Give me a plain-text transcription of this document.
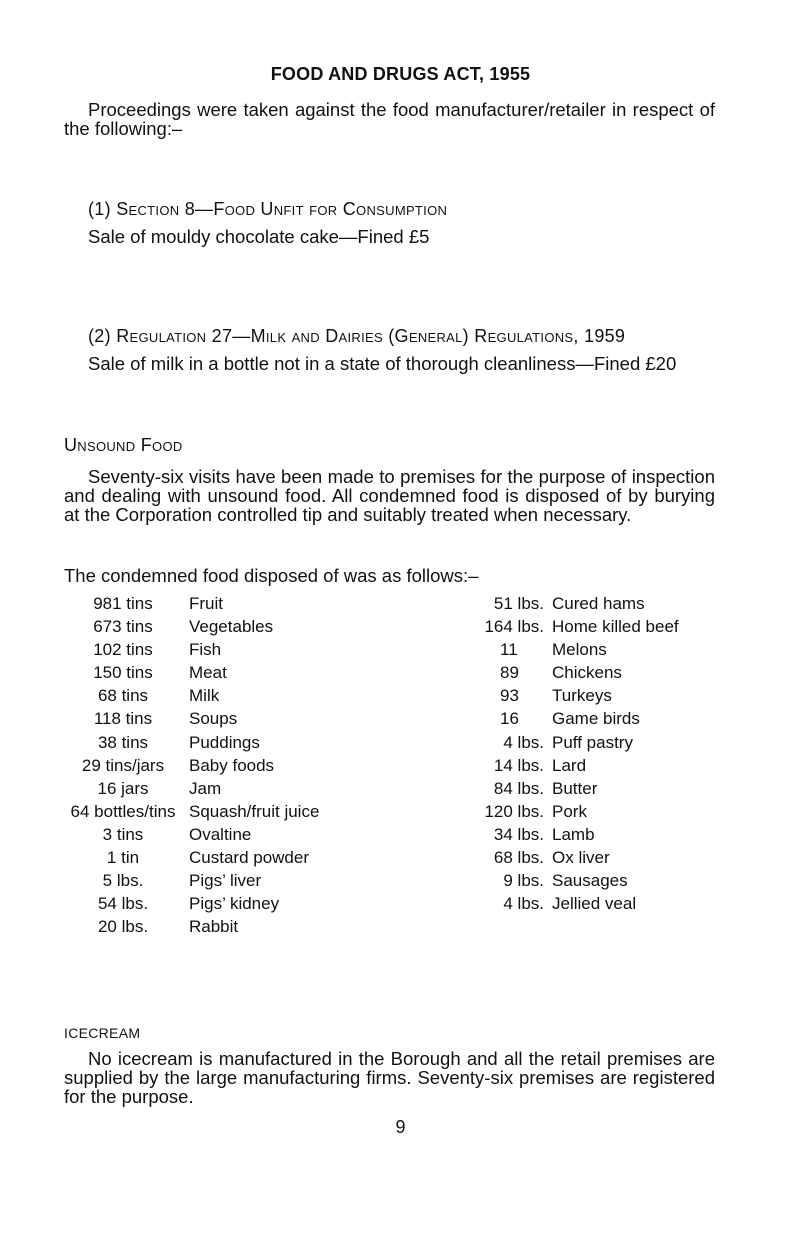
FOOD AND DRUGS ACT, 1955
Proceedings were taken against the food manufacturer/retailer in respect of the following:–
(1) Section 8—Food Unfit for Consumption
Sale of mouldy chocolate cake—Fined £5
(2) Regulation 27—Milk and Dairies (General) Regulations, 1959
Sale of milk in a bottle not in a state of thorough cleanliness—Fined £20
Unsound Food
Seventy-six visits have been made to premises for the purpose of inspection and dealing with unsound food. All condemned food is disposed of by burying at the Corporation controlled tip and suitably treated when necessary.
The condemned food disposed of was as follows:–
981 tins	Fruit
673 tins	Vegetables
102 tins	Fish
150 tins	Meat
68 tins	Milk
118 tins	Soups
38 tins	Puddings
29 tins/jars	Baby foods
16 jars	Jam
64 bottles/tins Squash/fruit juice
3 tins	Ovaltine
1 tin	Custard powder
5 lbs.	Pigs’ liver
54 lbs.	Pigs’ kidney
20 lbs.	Rabbit
51 lbs. Cured hams
164 lbs. Home killed beef
11 Melons
89 Chickens
93 Turkeys
16 Game birds
4 lbs. Puff pastry
14 lbs. Lard
84 lbs. Butter
120 lbs. Pork
34 lbs. Lamb
68 lbs. Ox liver
9 lbs. Sausages
4 lbs. Jellied veal
ICECREAM
No icecream is manufactured in the Borough and all the retail premises are supplied by the large manufacturing firms. Seventy-six premises are registered for the purpose.
9
